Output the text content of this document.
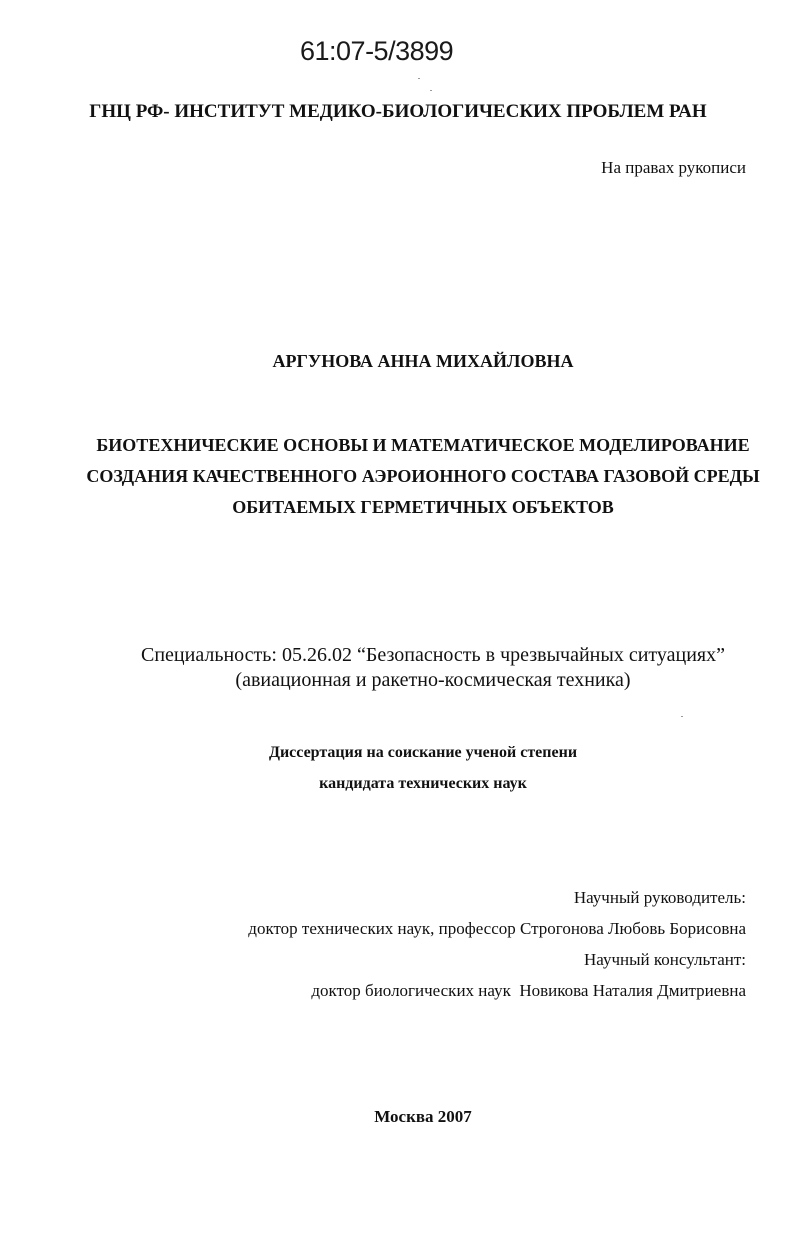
61:07-5/3899
ГНЦ РФ- ИНСТИТУТ МЕДИКО-БИОЛОГИЧЕСКИХ ПРОБЛЕМ РАН
На правах рукописи
АРГУНОВА АННА МИХАЙЛОВНА
БИОТЕХНИЧЕСКИЕ ОСНОВЫ И МАТЕМАТИЧЕСКОЕ МОДЕЛИРОВАНИЕ
СОЗДАНИЯ КАЧЕСТВЕННОГО АЭРОИОННОГО СОСТАВА ГАЗОВОЙ СРЕДЫ
ОБИТАЕМЫХ ГЕРМЕТИЧНЫХ ОБЪЕКТОВ
Специальность: 05.26.02 “Безопасность в чрезвычайных ситуациях”
(авиационная и ракетно-космическая техника)
Диссертация на соискание ученой степени
кандидата технических наук
Научный руководитель:
доктор технических наук, профессор Строгонова Любовь Борисовна
Научный консультант:
доктор биологических наук  Новикова Наталия Дмитриевна
Москва 2007
